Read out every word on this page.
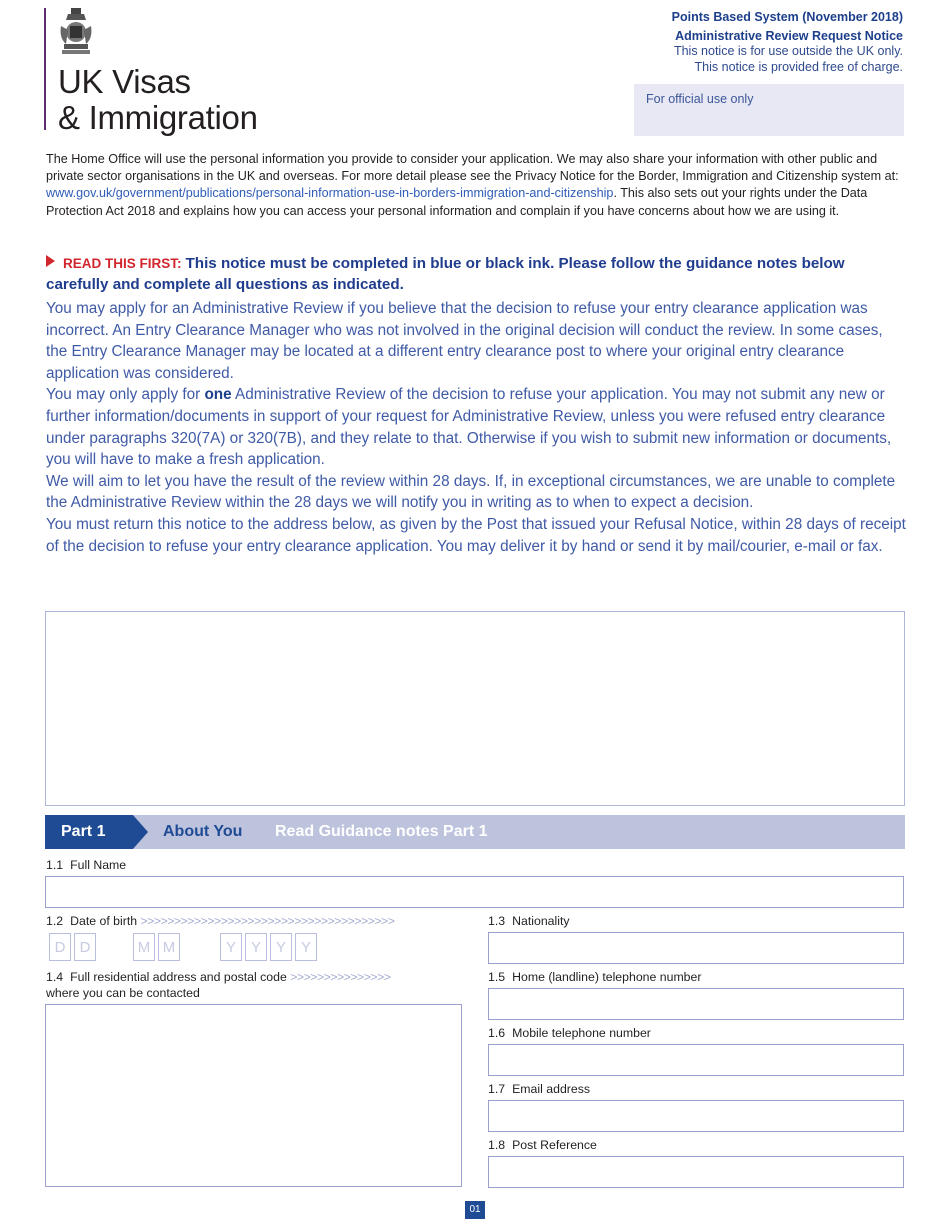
UK Visas
& Immigration
Points Based System (November 2018)
Administrative Review Request Notice
This notice is for use outside the UK only.
This notice is provided free of charge.
For official use only
The Home Office will use the personal information you provide to consider your application. We may also share your information with other public and private sector organisations in the UK and overseas. For more detail please see the Privacy Notice for the Border, Immigration and Citizenship system at: www.gov.uk/government/publications/personal-information-use-in-borders-immigration-and-citizenship. This also sets out your rights under the Data Protection Act 2018 and explains how you can access your personal information and complain if you have concerns about how we are using it.
READ THIS FIRST: This notice must be completed in blue or black ink. Please follow the guidance notes below carefully and complete all questions as indicated.

You may apply for an Administrative Review if you believe that the decision to refuse your entry clearance application was incorrect. An Entry Clearance Manager who was not involved in the original decision will conduct the review. In some cases, the Entry Clearance Manager may be located at a different entry clearance post to where your original entry clearance application was considered.

You may only apply for one Administrative Review of the decision to refuse your application. You may not submit any new or further information/documents in support of your request for Administrative Review, unless you were refused entry clearance under paragraphs 320(7A) or 320(7B), and they relate to that. Otherwise if you wish to submit new information or documents, you will have to make a fresh application.

We will aim to let you have the result of the review within 28 days. If, in exceptional circumstances, we are unable to complete the Administrative Review within the 28 days we will notify you in writing as to when to expect a decision.

You must return this notice to the address below, as given by the Post that issued your Refusal Notice, within 28 days of receipt of the decision to refuse your entry clearance application. You may deliver it by hand or send it by mail/courier, e-mail or fax.

Part 1	About You Read Guidance notes Part 1
1.1 Full Name
1.2 Date of birth >>>>>>>>>>>>>>>>>>>>>>>>>>>>>>>>>>>>>>
D D	M M	Y Y Y Y
1.3 Nationality
1.4 Full residential address and postal code >>>>>>>>>>>>>>>
where you can be contacted
1.5 Home (landline) telephone number
1.6 Mobile telephone number
1.7 Email address
1.8 Post Reference
01
